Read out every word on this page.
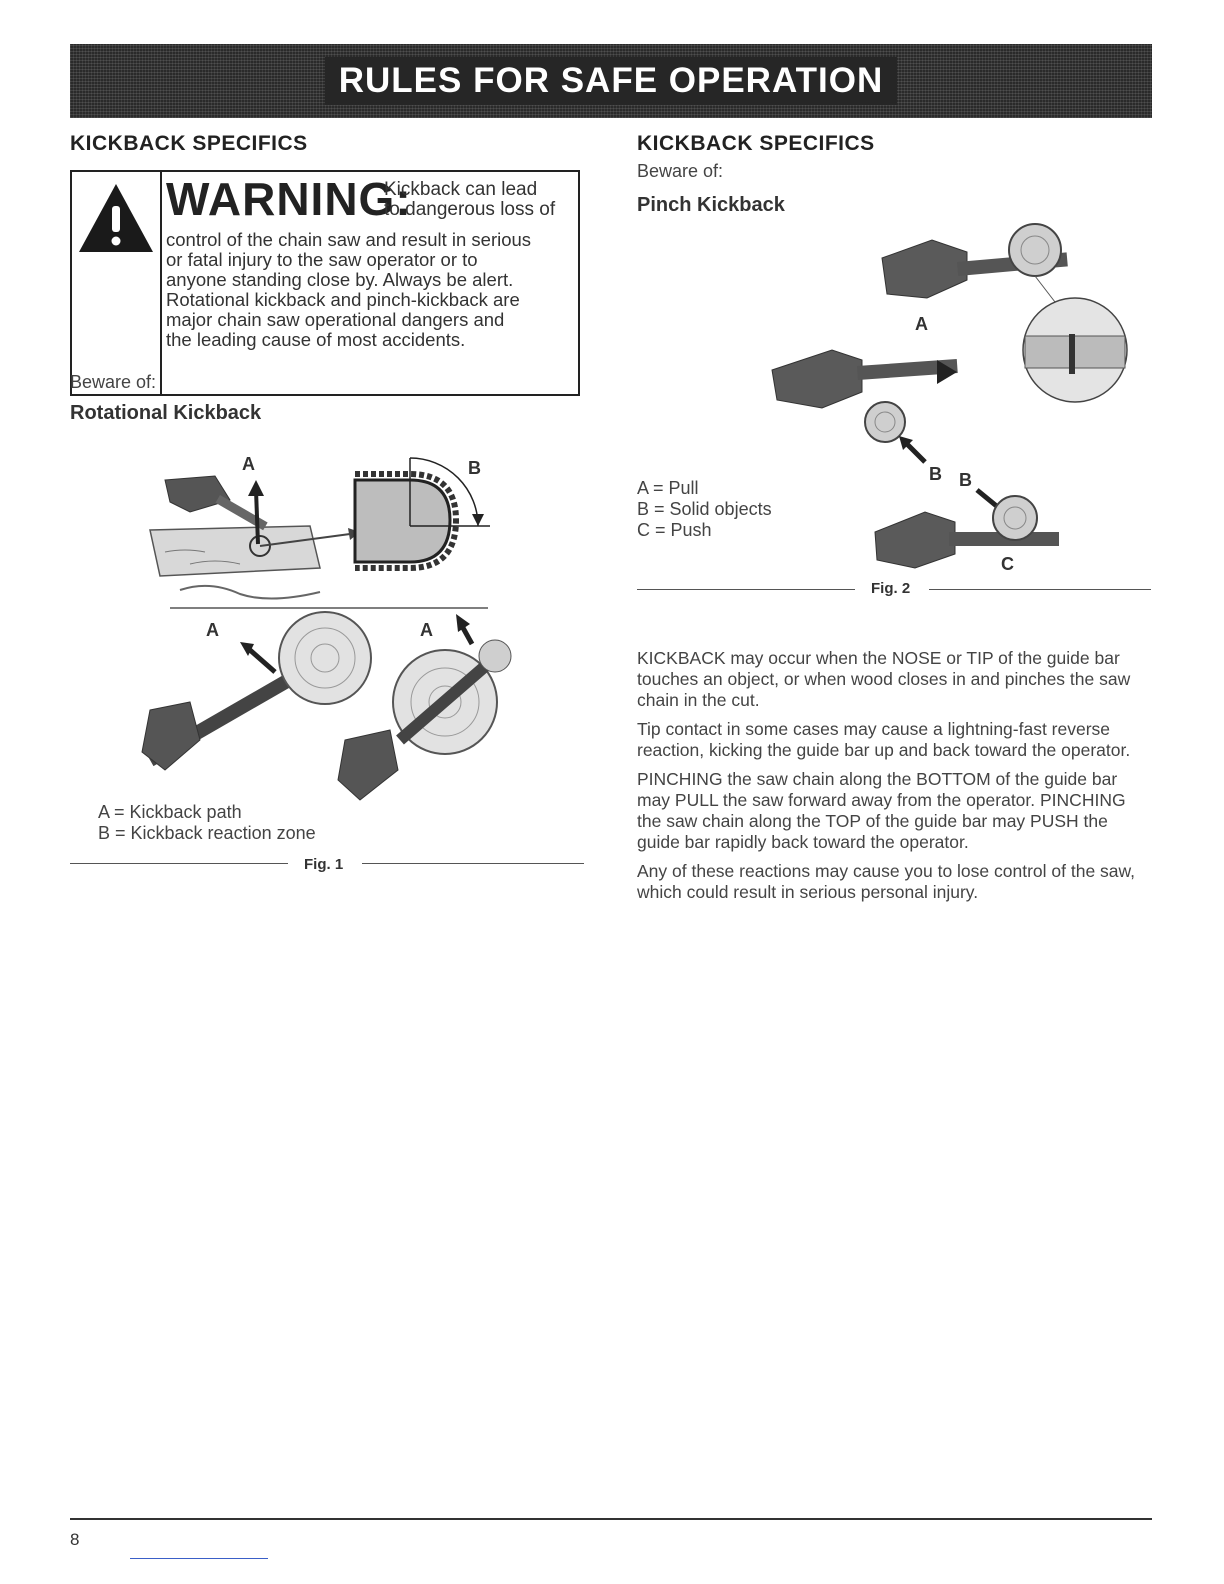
RULES FOR SAFE OPERATION
KICKBACK SPECIFICS
WARNING:
Kickback can lead
to dangerous loss of
control of the chain saw and result in serious
or fatal injury to the saw operator or to
anyone standing close by. Always be alert.
Rotational kickback and pinch-kickback are
major chain saw operational dangers and
the leading cause of most accidents.
Beware of:
Rotational Kickback
A	B
A	A
A = Kickback path
B = Kickback reaction zone
Fig. 1
KICKBACK SPECIFICS
Beware of:
Pinch Kickback
A
B B
C
A = Pull
B = Solid objects
C = Push
Fig. 2

KICKBACK may occur when the NOSE or TIP of the guide bar touches an object, or when wood closes in and pinches the saw chain in the cut.

Tip contact in some cases may cause a lightning-fast reverse reaction, kicking the guide bar up and back toward the operator.

PINCHING the saw chain along the BOTTOM of the guide bar may PULL the saw forward away from the operator. PINCHING the saw chain along the TOP of the guide bar may PUSH the guide bar rapidly back toward the operator.

Any of these reactions may cause you to lose control of the saw, which could result in serious personal injury.

8
